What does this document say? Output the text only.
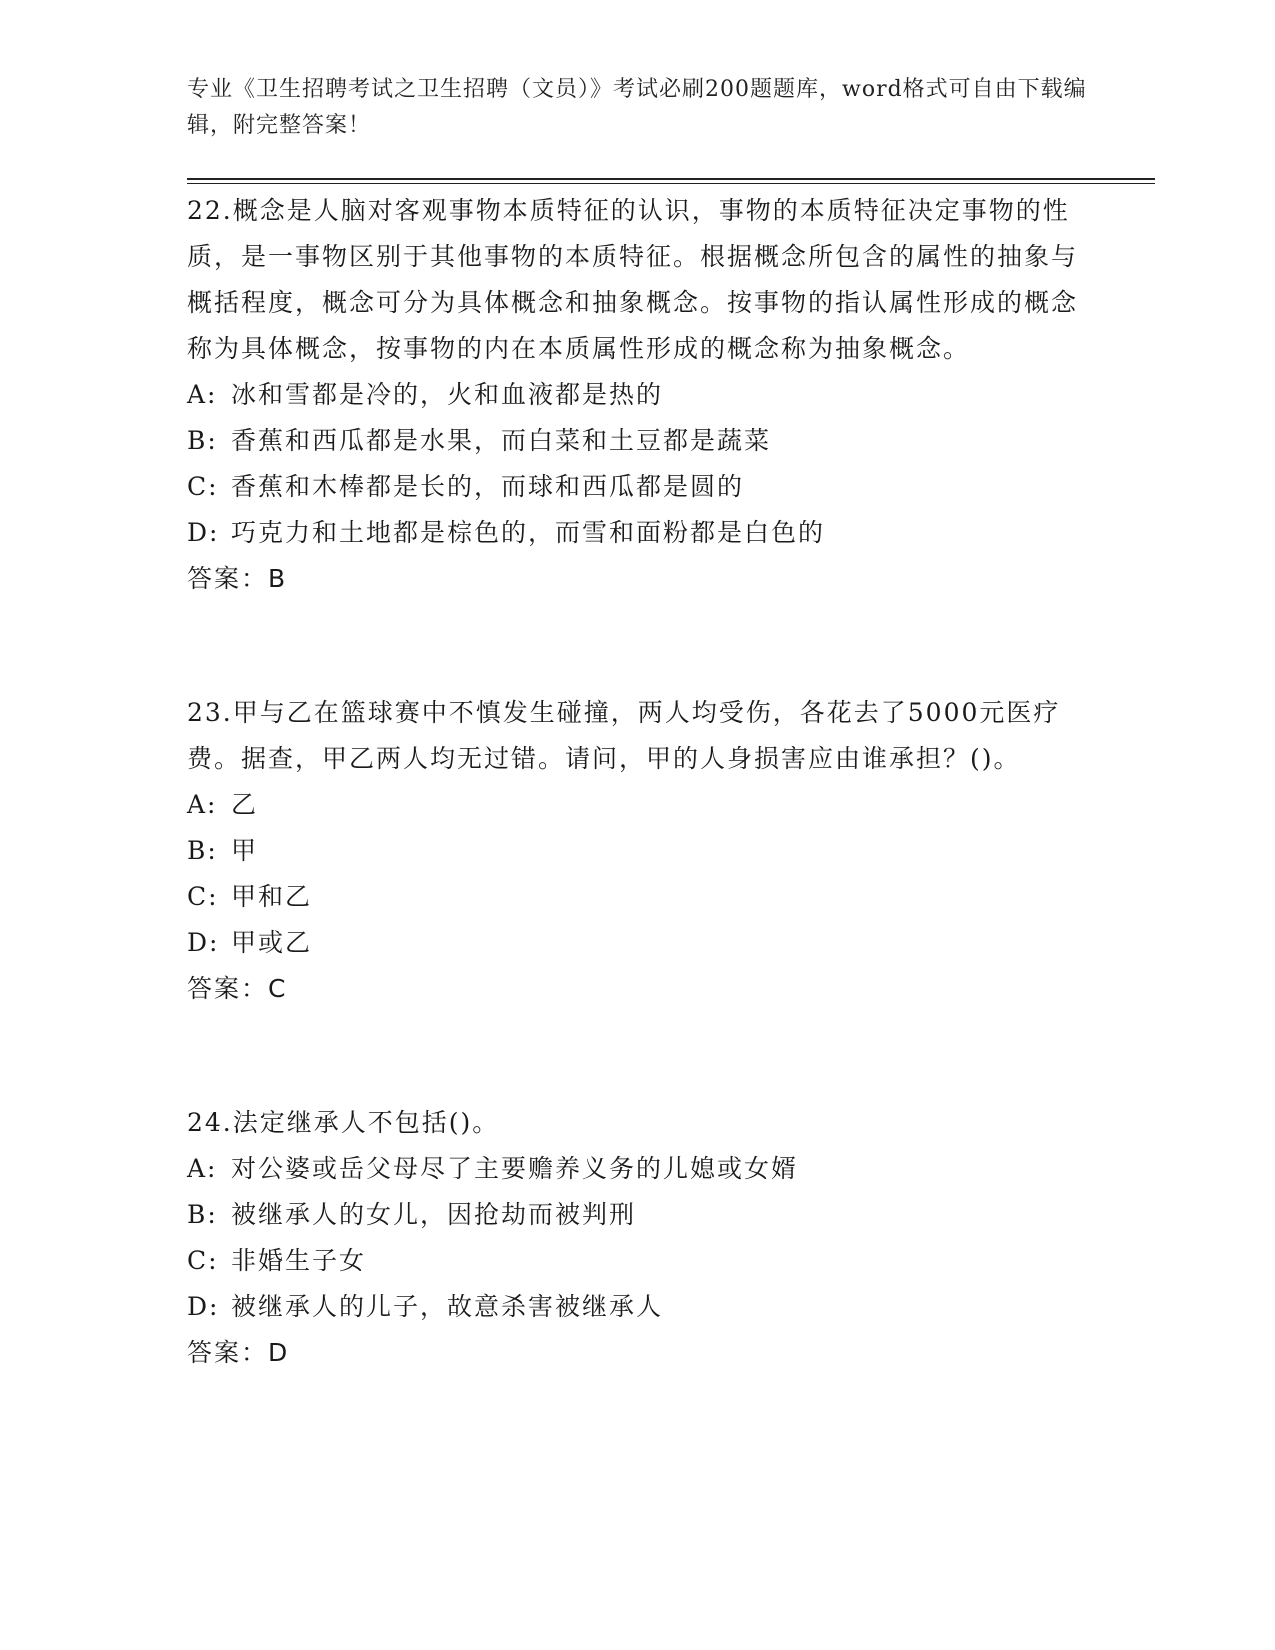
专业《卫生招聘考试之卫生招聘（文员）》考试必刷200题题库，word格式可自由下载编辑，附完整答案！

22.概念是人脑对客观事物本质特征的认识，事物的本质特征决定事物的性质，是一事物区别于其他事物的本质特征。根据概念所包含的属性的抽象与概括程度，概念可分为具体概念和抽象概念。按事物的指认属性形成的概念称为具体概念，按事物的内在本质属性形成的概念称为抽象概念。

A: 冰和雪都是冷的，火和血液都是热的
B: 香蕉和西瓜都是水果，而白菜和土豆都是蔬菜
C: 香蕉和木棒都是长的，而球和西瓜都是圆的
D: 巧克力和土地都是棕色的，而雪和面粉都是白色的

答案：B

23.甲与乙在篮球赛中不慎发生碰撞，两人均受伤，各花去了5000元医疗费。据查，甲乙两人均无过错。请问，甲的人身损害应由谁承担？()。

A: 乙
B: 甲
C: 甲和乙
D: 甲或乙

答案：C

24.法定继承人不包括()。

A: 对公婆或岳父母尽了主要赡养义务的儿媳或女婿
B: 被继承人的女儿，因抢劫而被判刑
C: 非婚生子女
D: 被继承人的儿子，故意杀害被继承人

答案：D
